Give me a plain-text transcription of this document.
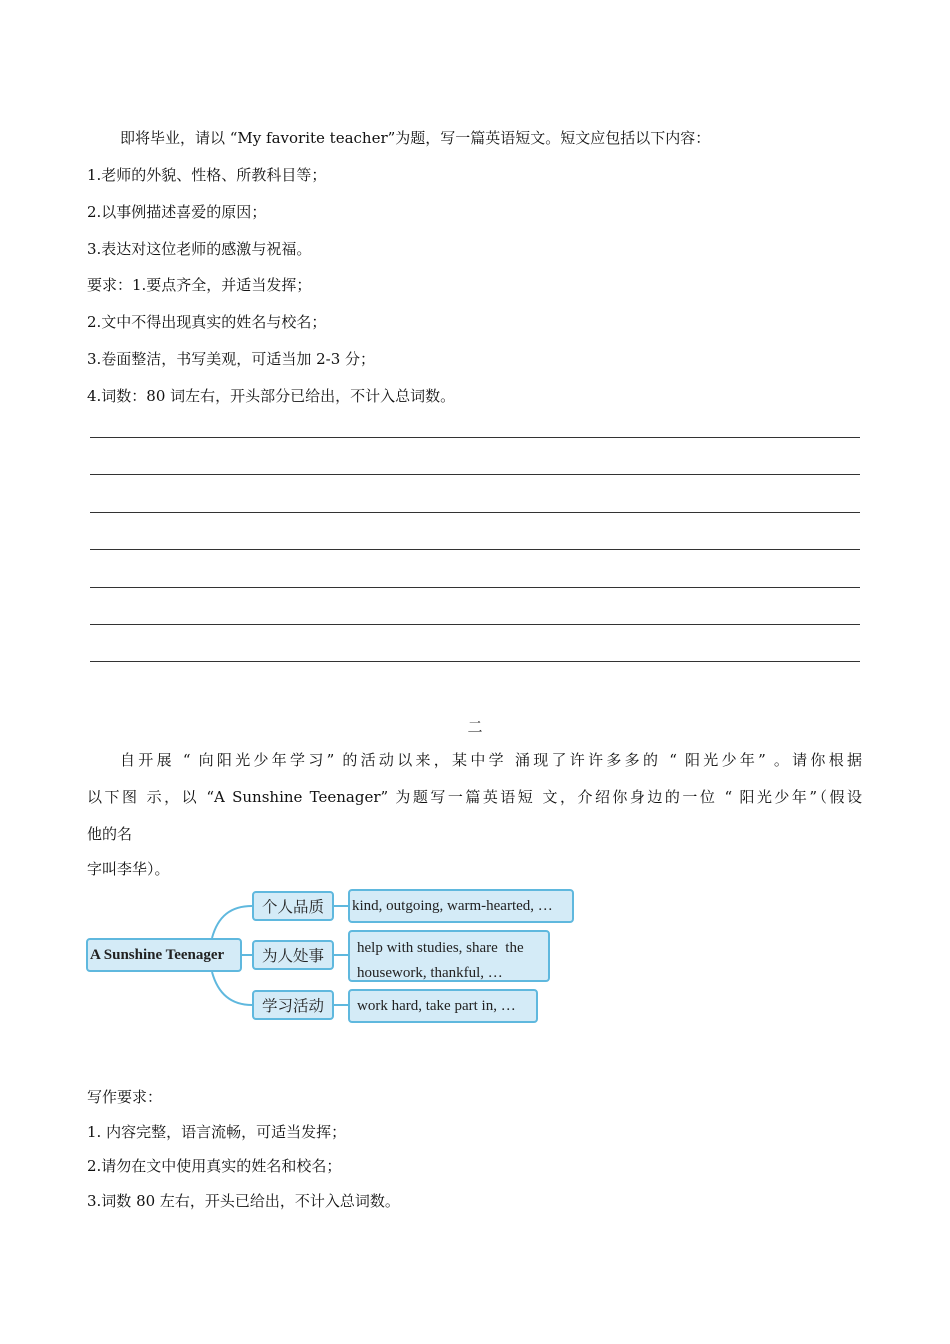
即将毕业，请以 “My favorite teacher”为题，写一篇英语短文。短文应包括以下内容：
1.老师的外貌、性格、所教科目等；
2.以事例描述喜爱的原因；
3.表达对这位老师的感激与祝福。
要求：1.要点齐全，并适当发挥；
2.文中不得出现真实的姓名与校名；
3.卷面整洁，书写美观，可适当加 2-3 分；
4.词数：80 词左右，开头部分已给出，不计入总词数。
二
自开展 “ 向阳光少年学习” 的活动以来，某中学 涌现了许许多多的 “ 阳光少年” 。请你根据
以下图 示，以 “A Sunshine Teenager” 为题写一篇英语短 文，介绍你身边的一位 “ 阳光少年”（假设
他的名
字叫李华）。
A Sunshine Teenager
个人品质
为人处事
学习活动
kind, outgoing, warm-hearted, …
help with studies, share  the
housework, thankful, …
work hard, take part in, …
写作要求：
1. 内容完整，语言流畅，可适当发挥；
2.请勿在文中使用真实的姓名和校名；
3.词数 80 左右，开头已给出，不计入总词数。
